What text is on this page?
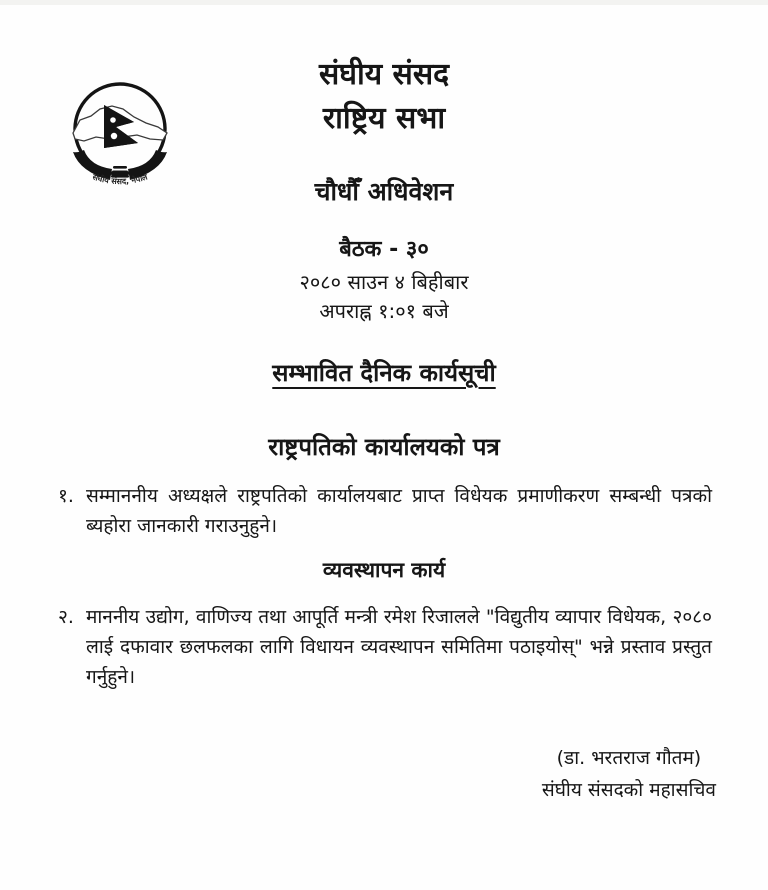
संघीय संसद, नेपाल
संघीय संसद
राष्ट्रिय सभा
चौधौँ अधिवेशन
बैठक - ३०
२०८० साउन ४ बिहीबार
अपराह्न १:०१ बजे
सम्भावित दैनिक कार्यसूची
राष्ट्रपतिको कार्यालयको पत्र
१. सम्माननीय अध्यक्षले राष्ट्रपतिको कार्यालयबाट प्राप्त विधेयक प्रमाणीकरण सम्बन्धी पत्रको ब्यहोरा जानकारी गराउनुहुने।
व्यवस्थापन कार्य
२. माननीय उद्योग, वाणिज्य तथा आपूर्ति मन्त्री रमेश रिजालले "विद्युतीय व्यापार विधेयक, २०८० लाई दफावार छलफलका लागि विधायन व्यवस्थापन समितिमा पठाइयोस्" भन्ने प्रस्ताव प्रस्तुत गर्नुहुने।
(डा. भरतराज गौतम)
संघीय संसदको महासचिव
